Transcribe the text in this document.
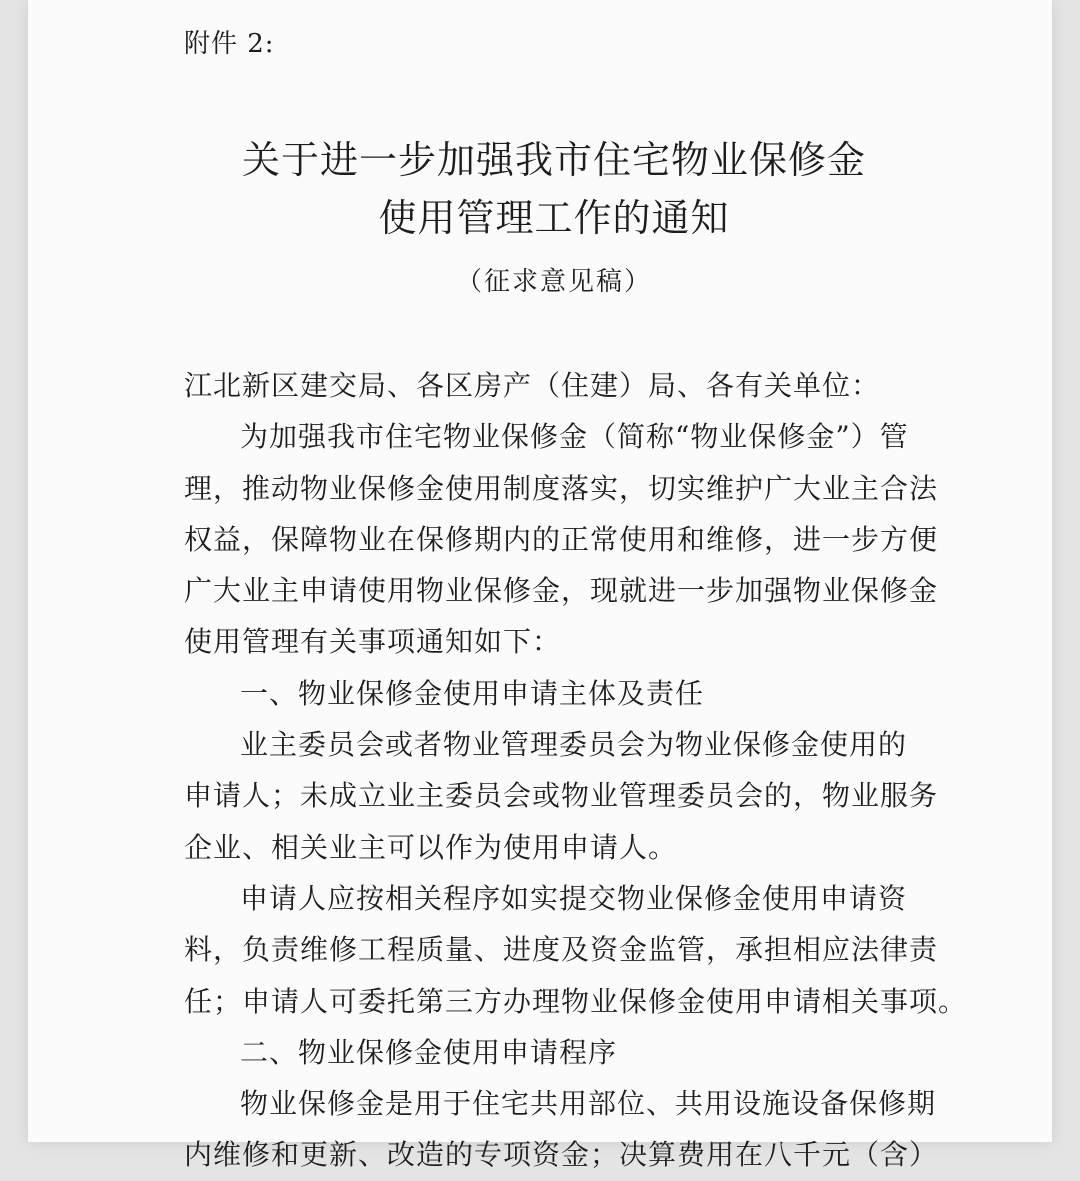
附件 2:
关于进一步加强我市住宅物业保修金
使用管理工作的通知
（征求意见稿）
江北新区建交局、各区房产（住建）局、各有关单位：
为加强我市住宅物业保修金（简称“物业保修金”）管
理，推动物业保修金使用制度落实，切实维护广大业主合法
权益，保障物业在保修期内的正常使用和维修，进一步方便
广大业主申请使用物业保修金，现就进一步加强物业保修金
使用管理有关事项通知如下：
一、物业保修金使用申请主体及责任
业主委员会或者物业管理委员会为物业保修金使用的
申请人；未成立业主委员会或物业管理委员会的，物业服务
企业、相关业主可以作为使用申请人。
申请人应按相关程序如实提交物业保修金使用申请资
料，负责维修工程质量、进度及资金监管，承担相应法律责
任；申请人可委托第三方办理物业保修金使用申请相关事项。
二、物业保修金使用申请程序
物业保修金是用于住宅共用部位、共用设施设备保修期
内维修和更新、改造的专项资金；决算费用在八千元（含）
